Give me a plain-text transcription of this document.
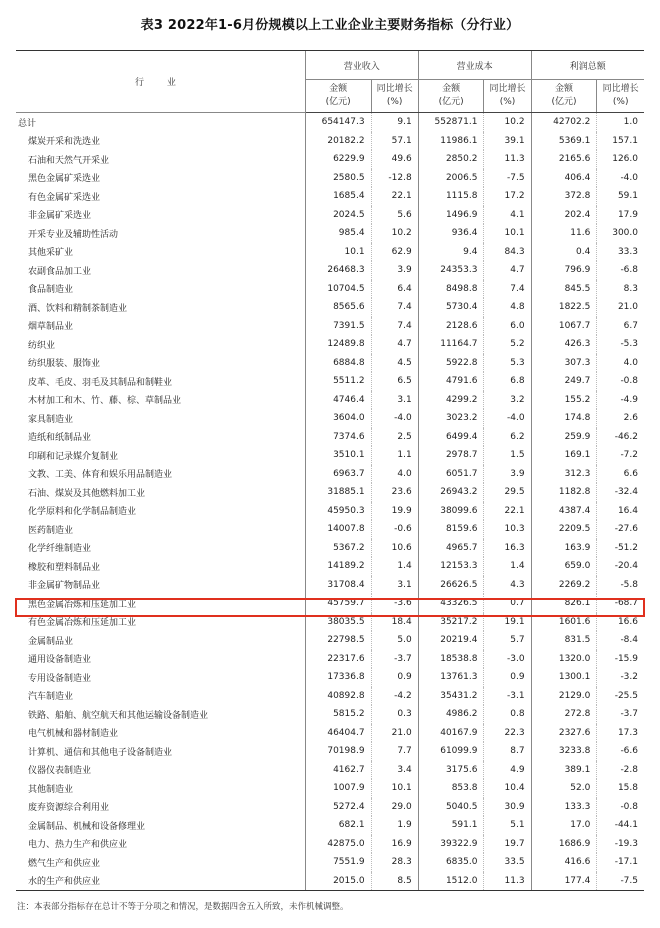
表3 2022年1-6月份规模以上工业企业主要财务指标（分行业）
行 业	营业收入		营业成本		利润总额	
	金额
(亿元)	同比增长
(%)	金额
(亿元)	同比增长
(%)	金额
(亿元)	同比增长
(%)
总计	654147.3	9.1	552871.1	10.2	42702.2	1.0
煤炭开采和洗选业	20182.2	57.1	11986.1	39.1	5369.1	157.1
石油和天然气开采业	6229.9	49.6	2850.2	11.3	2165.6	126.0
黑色金属矿采选业	2580.5	-12.8	2006.5	-7.5	406.4	-4.0
有色金属矿采选业	1685.4	22.1	1115.8	17.2	372.8	59.1
非金属矿采选业	2024.5	5.6	1496.9	4.1	202.4	17.9
开采专业及辅助性活动	985.4	10.2	936.4	10.1	11.6	300.0
其他采矿业	10.1	62.9	9.4	84.3	0.4	33.3
农副食品加工业	26468.3	3.9	24353.3	4.7	796.9	-6.8
食品制造业	10704.5	6.4	8498.8	7.4	845.5	8.3
酒、饮料和精制茶制造业	8565.6	7.4	5730.4	4.8	1822.5	21.0
烟草制品业	7391.5	7.4	2128.6	6.0	1067.7	6.7
纺织业	12489.8	4.7	11164.7	5.2	426.3	-5.3
纺织服装、服饰业	6884.8	4.5	5922.8	5.3	307.3	4.0
皮革、毛皮、羽毛及其制品和制鞋业	5511.2	6.5	4791.6	6.8	249.7	-0.8
木材加工和木、竹、藤、棕、草制品业	4746.4	3.1	4299.2	3.2	155.2	-4.9
家具制造业	3604.0	-4.0	3023.2	-4.0	174.8	2.6
造纸和纸制品业	7374.6	2.5	6499.4	6.2	259.9	-46.2
印刷和记录媒介复制业	3510.1	1.1	2978.7	1.5	169.1	-7.2
文教、工美、体育和娱乐用品制造业	6963.7	4.0	6051.7	3.9	312.3	6.6
石油、煤炭及其他燃料加工业	31885.1	23.6	26943.2	29.5	1182.8	-32.4
化学原料和化学制品制造业	45950.3	19.9	38099.6	22.1	4387.4	16.4
医药制造业	14007.8	-0.6	8159.6	10.3	2209.5	-27.6
化学纤维制造业	5367.2	10.6	4965.7	16.3	163.9	-51.2
橡胶和塑料制品业	14189.2	1.4	12153.3	1.4	659.0	-20.4
非金属矿物制品业	31708.4	3.1	26626.5	4.3	2269.2	-5.8
黑色金属冶炼和压延加工业	45759.7	-3.6	43326.5	0.7	826.1	-68.7
有色金属冶炼和压延加工业	38035.5	18.4	35217.2	19.1	1601.6	16.6
金属制品业	22798.5	5.0	20219.4	5.7	831.5	-8.4
通用设备制造业	22317.6	-3.7	18538.8	-3.0	1320.0	-15.9
专用设备制造业	17336.8	0.9	13761.3	0.9	1300.1	-3.2
汽车制造业	40892.8	-4.2	35431.2	-3.1	2129.0	-25.5
铁路、船舶、航空航天和其他运输设备制造业	5815.2	0.3	4986.2	0.8	272.8	-3.7
电气机械和器材制造业	46404.7	21.0	40167.9	22.3	2327.6	17.3
计算机、通信和其他电子设备制造业	70198.9	7.7	61099.9	8.7	3233.8	-6.6
仪器仪表制造业	4162.7	3.4	3175.6	4.9	389.1	-2.8
其他制造业	1007.9	10.1	853.8	10.4	52.0	15.8
废弃资源综合利用业	5272.4	29.0	5040.5	30.9	133.3	-0.8
金属制品、机械和设备修理业	682.1	1.9	591.1	5.1	17.0	-44.1
电力、热力生产和供应业	42875.0	16.9	39322.9	19.7	1686.9	-19.3
燃气生产和供应业	7551.9	28.3	6835.0	33.5	416.6	-17.1
水的生产和供应业	2015.0	8.5	1512.0	11.3	177.4	-7.5
注：本表部分指标存在总计不等于分项之和情况，是数据四舍五入所致，未作机械调整。
